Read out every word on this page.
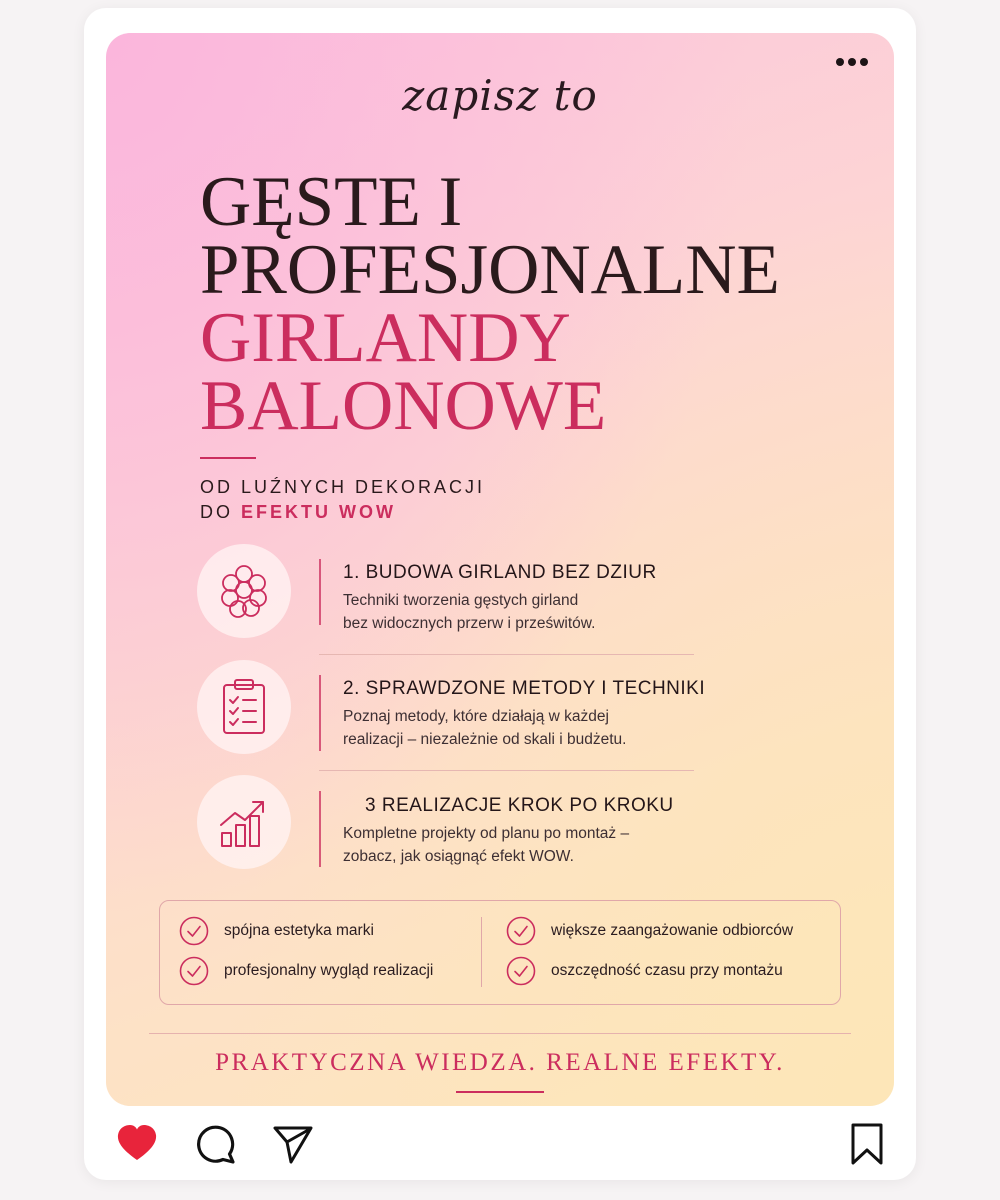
zapisz to
GĘSTE I
PROFESJONALNE
GIRLANDY
BALONOWE
OD LUŹNYCH DEKORACJI
DO EFEKTU WOW
1. BUDOWA GIRLAND BEZ DZIUR
Techniki tworzenia gęstych girland
bez widocznych przerw i prześwitów.
2. SPRAWDZONE METODY I TECHNIKI
Poznaj metody, które działają w każdej
realizacji – niezależnie od skali i budżetu.
3 REALIZACJE KROK PO KROKU
Kompletne projekty od planu po montaż –
zobacz, jak osiągnąć efekt WOW.
spójna estetyka marki
profesjonalny wygląd realizacji
większe zaangażowanie odbiorców
oszczędność czasu przy montażu
PRAKTYCZNA WIEDZA. REALNE EFEKTY.
